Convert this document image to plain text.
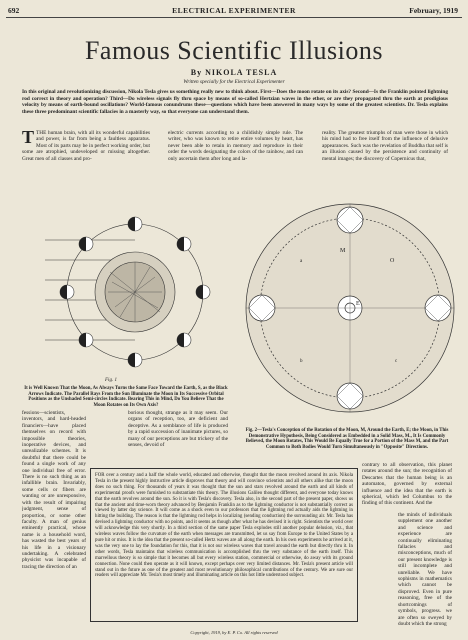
692	ELECTRICAL EXPERIMENTER	February, 1919
Famous Scientific Illusions
By NIKOLA TESLA
Written specially for the Electrical Experimenter
In this original and revolutionizing discussion, Nikola Tesla gives us something really new to think about. First—Does the moon rotate on its axis? Second—Is the Franklin pointed lightning rod correct in theory and operation? Third—Do wireless signals fly thru space by means of so-called Hertzian waves in the ether, or are they propagated thru the earth at prodigious velocity by means of earth-bound oscillations? World-famous conundrums these—questions which have been answered in many ways by some of the greatest scientists. Dr. Tesla explains these three predominant scientific fallacies in a masterly way, so that everyone can understand them.
TTHE human brain, with all its wonderful capabilities and power, is far from being a faultless apparatus. Most of its parts may be in perfect working order, but some are atrophied, undeveloped or missing altogether. Great men of all classes and pro-
electric currents according to a childishly simple rule. The writer, who was known to retire entire volumes by heart, has never been able to retain in memory and reproduce in their order the words designating the colors of the rainbow, and can only ascertain them after long and la-
reality. The greatest triumphs of man were those in which his mind had to free itself from the influence of delusive appearances. Such was the revelation of Buddha that self is an illusion caused by the persistence and continuity of mental images; the discovery of Copernicus that,
Fig. 1
It is Well Known That the Moon, As Always Turns the Same Face Toward the Earth, S, as the Black Arrows Indicate. The Parallel Rays From the Sun Illuminate the Moon in Its Successive Orbital Positions as the Unshaded Semi-circles Indicate. Bearing This in Mind, Do You Believe That the Moon Rotates on Its Own Axis?
E
M
O
a
b	c
Fig. 2—Tesla's Conception of the Rotation of the Moon, M, Around the Earth, E; the Moon, in This Demonstrative Hypothesis, Being Considered as Embedded in a Solid Mass, M., It Is Commonly Believed, the Moon Rotates, This Would Be Equally True for a Portion of the Mass M, and the Part Common to Both Bodies Would Turn Simultaneously in "Opposite" Directions.
fessions—scientists, inventors, and hard-headed financiers—have placed themselves on record with impossible theories, inoperative devices, and unrealizable schemes. It is doubtful that there could be found a single work of any one individual free of error. There is no such thing as an infallible brain. Invariably, some cells or fibers are wanting or are unresponsive, with the result of impairing judgment, sense of proportion, or some other faculty. A man of genius eminently practical, whose name is a household word, has wasted the best years of his life in a visionary undertaking. A celebrated physicist was incapable of tracing the direction of an
borious thought, strange as it may seem. Our organs of reception, too, are deficient and deceptive. As a semblance of life is produced by a rapid succession of inanimate pictures, so many of our perceptions are but trickery of the senses, devoid of
contrary to all observation, this planet rotates around the sun; the recognition of Descartes that the human being is an automaton, governed by external influence and the idea that the earth is spherical, which led Columbus to the finding of this continent. And the
the minds of individuals supplement one another and science and experience are continually eliminating fallacies and misconceptions, much of our present knowledge is still incomplete and unreliable. We have sophisms in mathematics which cannot be disproved. Even in pure reasoning, free of the shortcomings of symbols, progress. we are often so sweyed by doubt which the strong
FOR over a century and a half the whole world, educated and otherwise, thought that the moon revolved around its axis. Nikola Tesla in the present highly instructive article disproves that theory and will convince scientists and all others alike that the moon does no such thing. For thousands of years it was thought that the sun and stars revolved around the earth and all kinds of experimental proofs were furnished to substantiate this theory. The illusions Galileo thought different, and everyone today knows that the earth revolves around the sun. So it is with Tesla's discovery. Tesla also, in the second part of the present paper, shows us that the ancient and time-worn theory advanced by Benjamin Franklin as to the lightning conductor is not substantially correct as viewed by latter day science. It will come as a shock even to our professors that the lightning rod actually aids the lightning in hitting the building. The reason is that the lightning rod helps in localizing (sending conduction) the surrounding air. Mr. Tesla has devised a lightning conductor with no points, and it seems as though after what he has devised it is right. Scientists the world over will acknowledge this very shortly. In a third section of the same paper Tesla explodes still another popular delusion, viz., that wireless waves follow the curvature of the earth when messages are transmitted, let us say from Europe to the United States by a pure hit or miss. It is the idea that the present so-called Hertz waves are all along the earth. In his own experiments he arrived at it, was the very one to lay the foundation for this, that it is not our wireless waves that travel around the earth but directly thru it. In other words, Tesla maintains that wireless communication is accomplished thru the very substance of the earth itself. This marvellous theory is so simple that it becomes all but every wireless station, commercial or otherwise, do away with its ground connection. None could then operate as it will known, except perhaps over very limited distances. Mr. Tesla's present article will stand out in the future as one of the greatest and most revolutionary philosophical contributions of the century. We are sure our readers will appreciate Mr. Tesla's most timely and illuminating article on this hot little understood subject.
Copyright, 1919, by E. P. Co. All rights reserved
